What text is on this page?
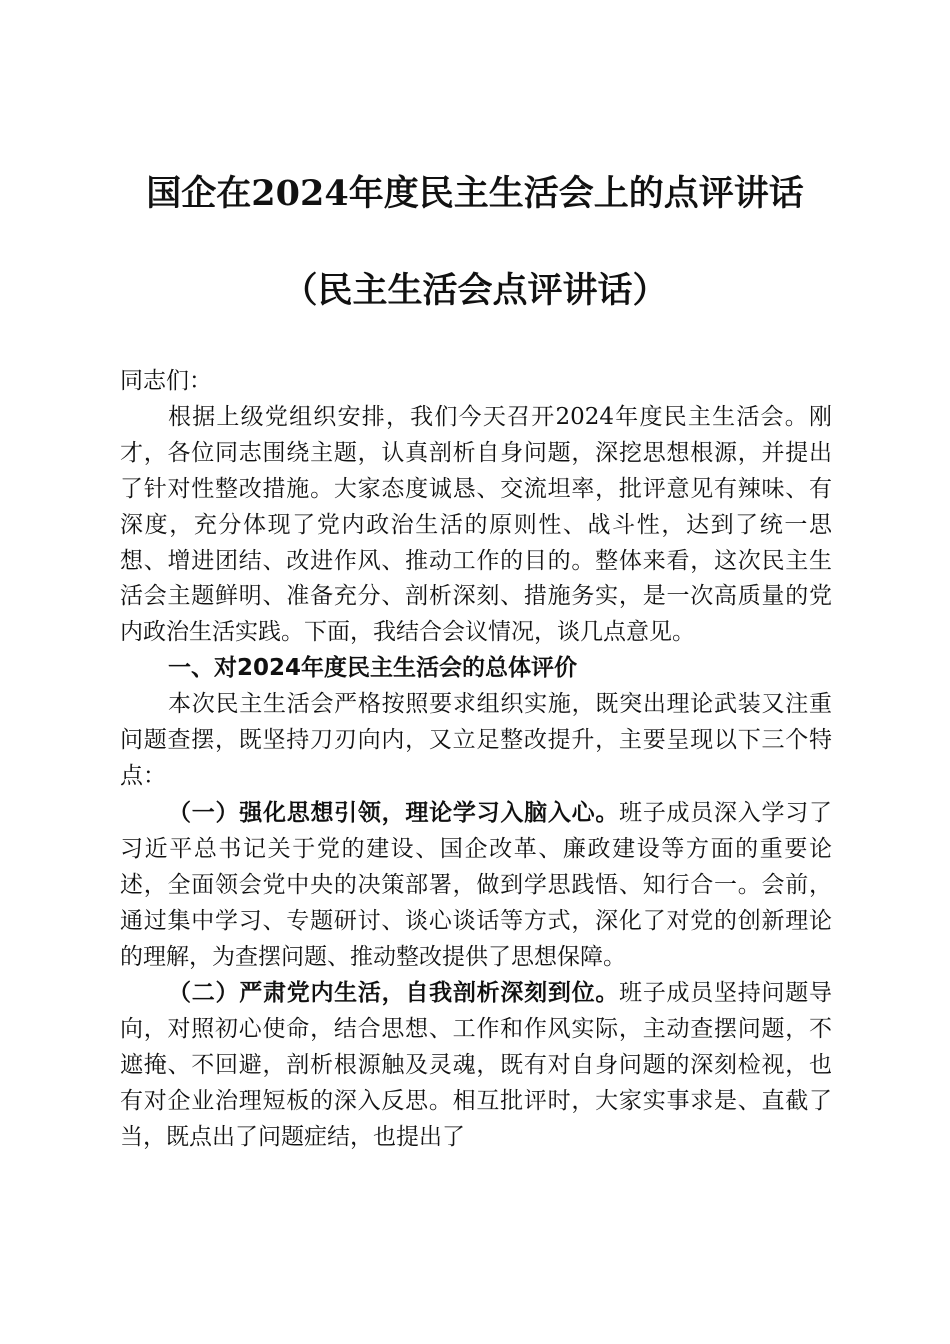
国企在2024年度民主生活会上的点评讲话
（民主生活会点评讲话）

同志们：

根据上级党组织安排，我们今天召开2024年度民主生活会。刚才，各位同志围绕主题，认真剖析自身问题，深挖思想根源，并提出了针对性整改措施。大家态度诚恳、交流坦率，批评意见有辣味、有深度，充分体现了党内政治生活的原则性、战斗性，达到了统一思想、增进团结、改进作风、推动工作的目的。整体来看，这次民主生活会主题鲜明、准备充分、剖析深刻、措施务实，是一次高质量的党内政治生活实践。下面，我结合会议情况，谈几点意见。

一、对2024年度民主生活会的总体评价

本次民主生活会严格按照要求组织实施，既突出理论武装又注重问题查摆，既坚持刀刃向内，又立足整改提升，主要呈现以下三个特点：

（一）强化思想引领，理论学习入脑入心。班子成员深入学习了习近平总书记关于党的建设、国企改革、廉政建设等方面的重要论述，全面领会党中央的决策部署，做到学思践悟、知行合一。会前，通过集中学习、专题研讨、谈心谈话等方式，深化了对党的创新理论的理解，为查摆问题、推动整改提供了思想保障。

（二）严肃党内生活，自我剖析深刻到位。班子成员坚持问题导向，对照初心使命，结合思想、工作和作风实际，主动查摆问题，不遮掩、不回避，剖析根源触及灵魂，既有对自身问题的深刻检视，也有对企业治理短板的深入反思。相互批评时，大家实事求是、直截了当，既点出了问题症结，也提出了
